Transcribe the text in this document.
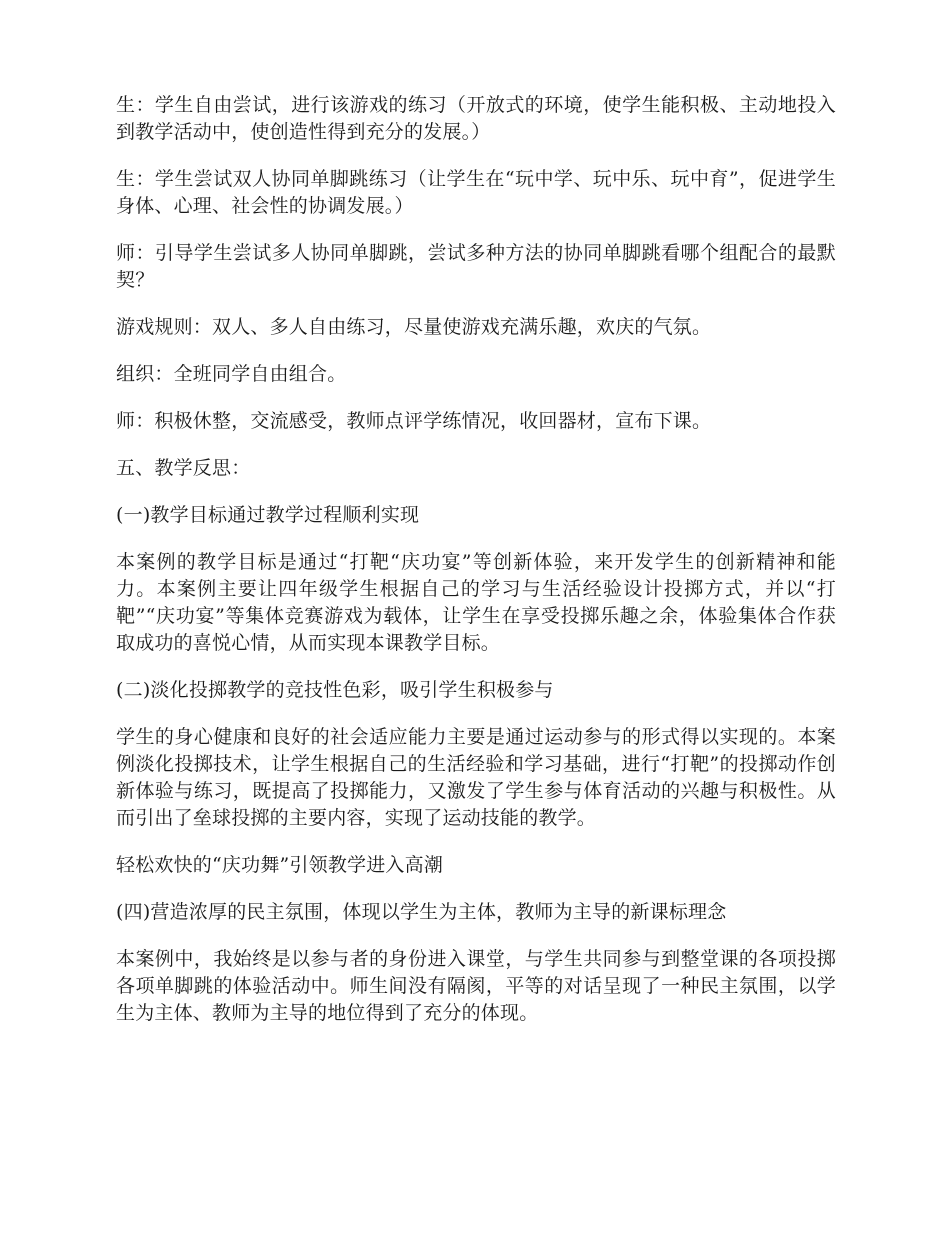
生：学生自由尝试，进行该游戏的练习（开放式的环境，使学生能积极、主动地投入到教学活动中，使创造性得到充分的发展。）

生：学生尝试双人协同单脚跳练习（让学生在“玩中学、玩中乐、玩中育”，促进学生身体、心理、社会性的协调发展。）

师：引导学生尝试多人协同单脚跳，尝试多种方法的协同单脚跳看哪个组配合的最默契？

游戏规则：双人、多人自由练习，尽量使游戏充满乐趣，欢庆的气氛。

组织：全班同学自由组合。

师：积极休整，交流感受，教师点评学练情况，收回器材，宣布下课。

五、教学反思：

(一)教学目标通过教学过程顺利实现

本案例的教学目标是通过“打靶“庆功宴”等创新体验，来开发学生的创新精神和能力。本案例主要让四年级学生根据自己的学习与生活经验设计投掷方式，并以“打靶”“庆功宴”等集体竞赛游戏为载体，让学生在享受投掷乐趣之余，体验集体合作获取成功的喜悦心情，从而实现本课教学目标。

(二)淡化投掷教学的竞技性色彩，吸引学生积极参与

学生的身心健康和良好的社会适应能力主要是通过运动参与的形式得以实现的。本案例淡化投掷技术，让学生根据自己的生活经验和学习基础，进行“打靶”的投掷动作创新体验与练习，既提高了投掷能力，又激发了学生参与体育活动的兴趣与积极性。从而引出了垒球投掷的主要内容，实现了运动技能的教学。

轻松欢快的“庆功舞”引领教学进入高潮

(四)营造浓厚的民主氛围，体现以学生为主体，教师为主导的新课标理念

本案例中，我始终是以参与者的身份进入课堂，与学生共同参与到整堂课的各项投掷各项单脚跳的体验活动中。师生间没有隔阂，平等的对话呈现了一种民主氛围，以学生为主体、教师为主导的地位得到了充分的体现。
